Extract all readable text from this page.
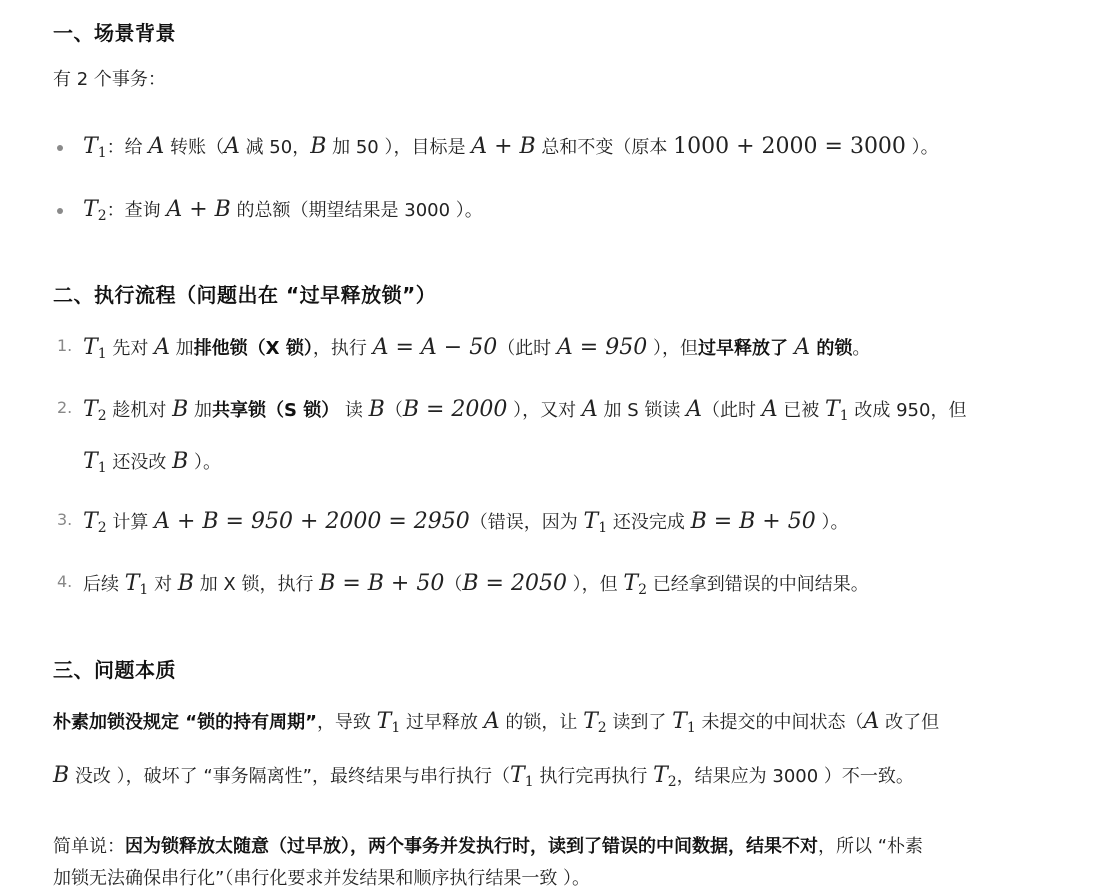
一、场景背景

有 2 个事务：

$T_1$：给 A 转账（A 减 50，B 加 50 ），目标是 A + B 总和不变（原本 1000 + 2000 = 3000 ）。
$T_2$：查询 A + B 的总额（期望结果是 3000 ）。
二、执行流程（问题出在 “过早释放锁”）
1. $T_1$ 先对 A 加排他锁（X 锁），执行 A = A − 50（此时 A = 950 ），但过早释放了 A 的锁。
2. $T_2$ 趁机对 B 加共享锁（S 锁） 读 B（B = 2000 ），又对 A 加 S 锁读 A（此时 A 已被 $T_1$ 改成 950，但
$T_1$ 还没改 B ）。
3. $T_2$ 计算 A + B = 950 + 2000 = 2950（错误，因为 $T_1$ 还没完成 B = B + 50 ）。
4. 后续 $T_1$ 对 B 加 X 锁，执行 B = B + 50（B = 2050 ），但 $T_2$ 已经拿到错误的中间结果。
三、问题本质
朴素加锁没规定 “锁的持有周期”，导致 $T_1$ 过早释放 A 的锁，让 $T_2$ 读到了 $T_1$ 未提交的中间状态（A 改了但
B 没改 ），破坏了 “事务隔离性”，最终结果与串行执行（$T_1$ 执行完再执行 $T_2$，结果应为 3000 ）不一致。
简单说：因为锁释放太随意（过早放），两个事务并发执行时，读到了错误的中间数据，结果不对，所以 “朴素
加锁无法确保串行化”（串行化要求并发结果和顺序执行结果一致 ）。
